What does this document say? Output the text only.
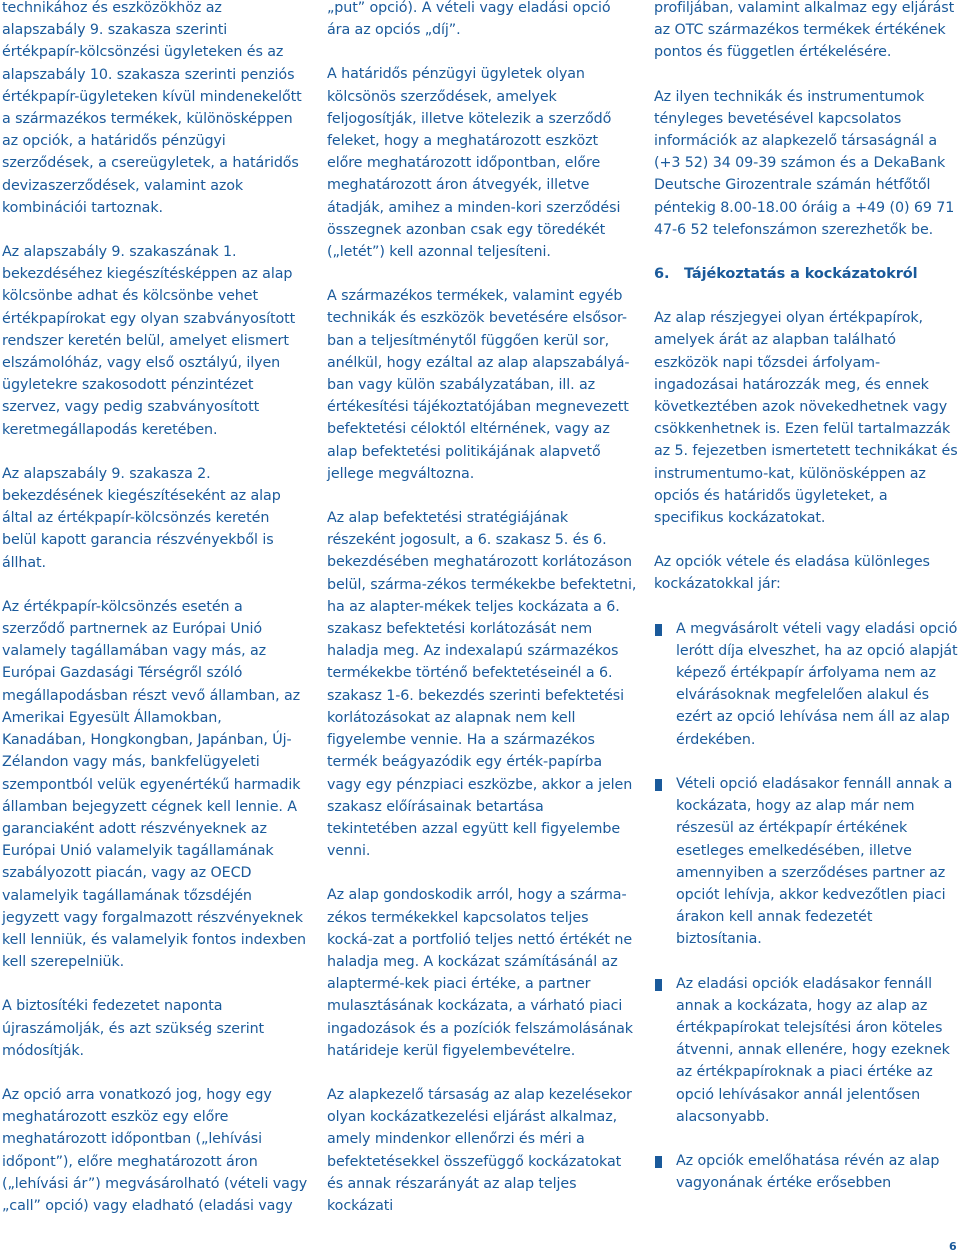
technikához és eszközökhöz az alapszabály 9. szakasza szerinti értékpapír-kölcsönzési ügyleteken és az alapszabály 10. szakasza szerinti penziós értékpapír-ügyleteken kívül mindenekelőtt a származékos termékek, különösképpen az opciók, a határidős pénzügyi szerződések, a csereügyletek, a határidős devizaszerződések, valamint azok kombinációi tartoznak.

Az alapszabály 9. szakaszának 1. bekezdéséhez kiegészítésképpen az alap kölcsönbe adhat és kölcsönbe vehet értékpapírokat egy olyan szabványosított rendszer keretén belül, amelyet elismert elszámolóház, vagy első osztályú, ilyen ügyletekre szakosodott pénzintézet szervez, vagy pedig szabványosított keretmegállapodás keretében.

Az alapszabály 9. szakasza 2. bekezdésének kiegészítéseként az alap által az értékpapír-kölcsönzés keretén belül kapott garancia részvényekből is állhat.

Az értékpapír-kölcsönzés esetén a szerződő partnernek az Európai Unió valamely tagállamában vagy más, az Európai Gazdasági Térségről szóló megállapodásban részt vevő államban, az Amerikai Egyesült Államokban, Kanadában, Hongkongban, Japánban, Új-Zélandon vagy más, bankfelügyeleti szempontból velük egyenértékű harmadik államban bejegyzett cégnek kell lennie. A garanciaként adott részvényeknek az Európai Unió valamelyik tagállamának szabályozott piacán, vagy az OECD valamelyik tagállamának tőzsdéjén jegyzett vagy forgalmazott részvényeknek kell lenniük, és valamelyik fontos indexben kell szerepelniük.

A biztosítéki fedezetet naponta újraszámolják, és azt szükség szerint módosítják.

Az opció arra vonatkozó jog, hogy egy meghatározott eszköz egy előre meghatározott időpontban („lehívási időpont”), előre meghatározott áron („lehívási ár”) megvásárolható (vételi vagy „call” opció) vagy eladható (eladási vagy

„put” opció). A vételi vagy eladási opció ára az opciós „díj”.

A határidős pénzügyi ügyletek olyan kölcsönös szerződések, amelyek feljogosítják, illetve kötelezik a szerződő feleket, hogy a meghatározott eszközt előre meghatározott időpontban, előre meghatározott áron átvegyék, illetve átadják, amihez a minden-kori szerződési összegnek azonban csak egy töredékét („letét”) kell azonnal teljesíteni.

A származékos termékek, valamint egyéb technikák és eszközök bevetésére elsősor-ban a teljesítménytől függően kerül sor, anélkül, hogy ezáltal az alap alapszabályá-ban vagy külön szabályzatában, ill. az értékesítési tájékoztatójában megnevezett befektetési céloktól eltérnének, vagy az alap befektetési politikájának alapvető jellege megváltozna.

Az alap befektetési stratégiájának részeként jogosult, a 6. szakasz 5. és 6. bekezdésében meghatározott korlátozáson belül, szárma-zékos termékekbe befektetni, ha az alapter-mékek teljes kockázata a 6. szakasz befektetési korlátozását nem haladja meg. Az indexalapú származékos termékekbe történő befektetéseinél a 6. szakasz 1-6. bekezdés szerinti befektetési korlátozásokat az alapnak nem kell figyelembe vennie. Ha a származékos termék beágyazódik egy érték-papírba vagy egy pénzpiaci eszközbe, akkor a jelen szakasz előírásainak betartása tekintetében azzal együtt kell figyelembe venni.

Az alap gondoskodik arról, hogy a szárma-zékos termékekkel kapcsolatos teljes kocká-zat a portfolió teljes nettó értékét ne haladja meg. A kockázat számításánál az alaptermé-kek piaci értéke, a partner mulasztásának kockázata, a várható piaci ingadozások és a pozíciók felszámolásának határideje kerül figyelembevételre.

Az alapkezelő társaság az alap kezelésekor olyan kockázatkezelési eljárást alkalmaz, amely mindenkor ellenőrzi és méri a befektetésekkel összefüggő kockázatokat és annak részarányát az alap teljes kockázati

profiljában, valamint alkalmaz egy eljárást az OTC származékos termékek értékének pontos és független értékelésére.

Az ilyen technikák és instrumentumok tényleges bevetésével kapcsolatos információk az alapkezelő társaságnál a (+3 52) 34 09-39 számon és a DekaBank Deutsche Girozentrale számán hétfőtől péntekig 8.00-18.00 óráig a +49 (0) 69 71 47-6 52 telefonszámon szerezhetők be.

6.	Tájékoztatás a kockázatokról

Az alap részjegyei olyan értékpapírok, amelyek árát az alapban található eszközök napi tőzsdei árfolyam-ingadozásai határozzák meg, és ennek következtében azok növekedhetnek vagy csökkenhetnek is. Ezen felül tartalmazzák az 5. fejezetben ismertetett technikákat és instrumentumo-kat, különösképpen az opciós és határidős ügyleteket, a specifikus kockázatokat.

Az opciók vétele és eladása különleges kockázatokkal jár:

A megvásárolt vételi vagy eladási opció lerótt díja elveszhet, ha az opció alapját képező értékpapír árfolyama nem az elvárásoknak megfelelően alakul és ezért az opció lehívása nem áll az alap érdekében.
Vételi opció eladásakor fennáll annak a kockázata, hogy az alap már nem részesül az értékpapír értékének esetleges emelkedésében, illetve amennyiben a szerződéses partner az opciót lehívja, akkor kedvezőtlen piaci árakon kell annak fedezetét biztosítania.
Az eladási opciók eladásakor fennáll annak a kockázata, hogy az alap az értékpapírokat telejsítési áron köteles átvenni, annak ellenére, hogy ezeknek az értékpapíroknak a piaci értéke az opció lehívásakor annál jelentősen alacsonyabb.
Az opciók emelőhatása révén az alap vagyonának értéke erősebben
6
